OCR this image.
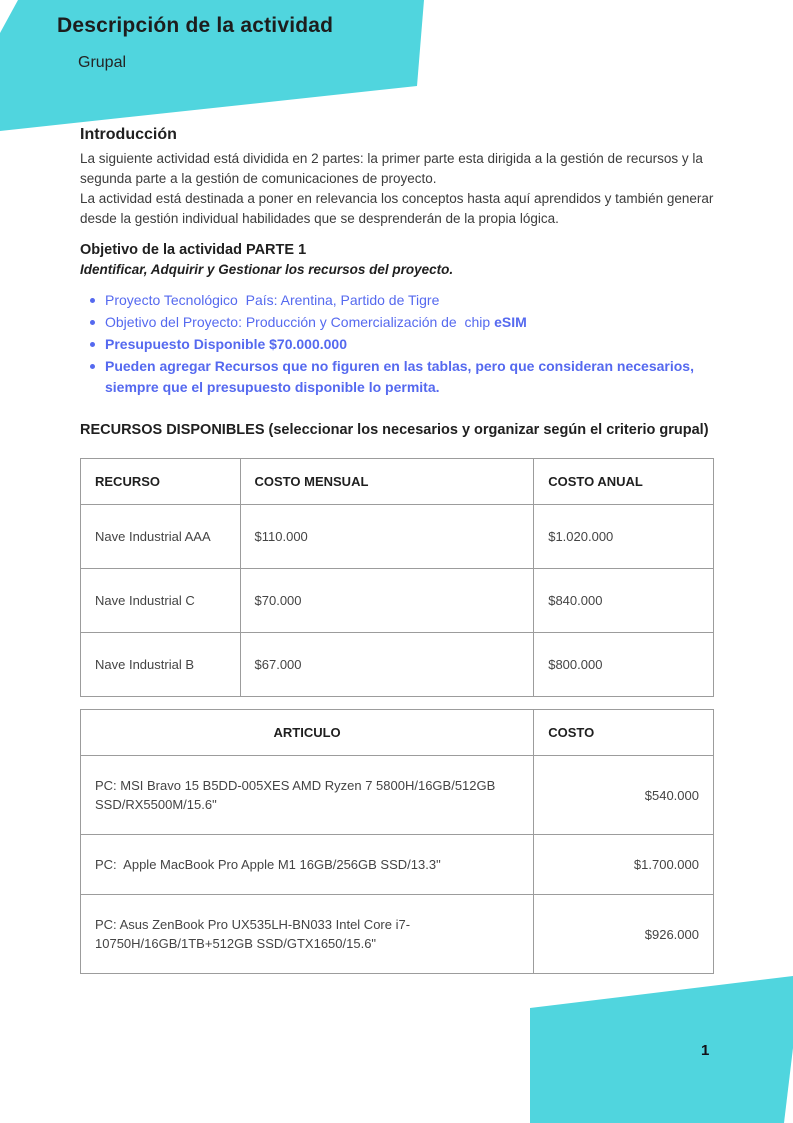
Descripción de la actividad
Grupal
Introducción

La siguiente actividad está dividida en 2 partes: la primer parte esta dirigida a la gestión de recursos y la segunda parte a la gestión de comunicaciones de proyecto.

La actividad está destinada a poner en relevancia los conceptos hasta aquí aprendidos y también generar desde la gestión individual habilidades que se desprenderán de la propia lógica.

Objetivo de la actividad PARTE 1
Identificar, Adquirir y Gestionar los recursos del proyecto.
Proyecto Tecnológico  País: Arentina, Partido de Tigre
Objetivo del Proyecto: Producción y Comercialización de  chip eSIM
Presupuesto Disponible $70.000.000
Pueden agregar Recursos que no figuren en las tablas, pero que consideran necesarios, siempre que el presupuesto disponible lo permita.
RECURSOS DISPONIBLES (seleccionar los necesarios y organizar según el criterio grupal)
RECURSO	COSTO MENSUAL	COSTO ANUAL
Nave Industrial AAA	$110.000	$1.020.000
Nave Industrial C	$70.000	$840.000
Nave Industrial B	$67.000	$800.000
ARTICULO	COSTO
PC: MSI Bravo 15 B5DD-005XES AMD Ryzen 7 5800H/16GB/512GB SSD/RX5500M/15.6"	$540.000
PC:  Apple MacBook Pro Apple M1 16GB/256GB SSD/13.3"	$1.700.000
PC: Asus ZenBook Pro UX535LH-BN033 Intel Core i7-10750H/16GB/1TB+512GB SSD/GTX1650/15.6"	$926.000
1
